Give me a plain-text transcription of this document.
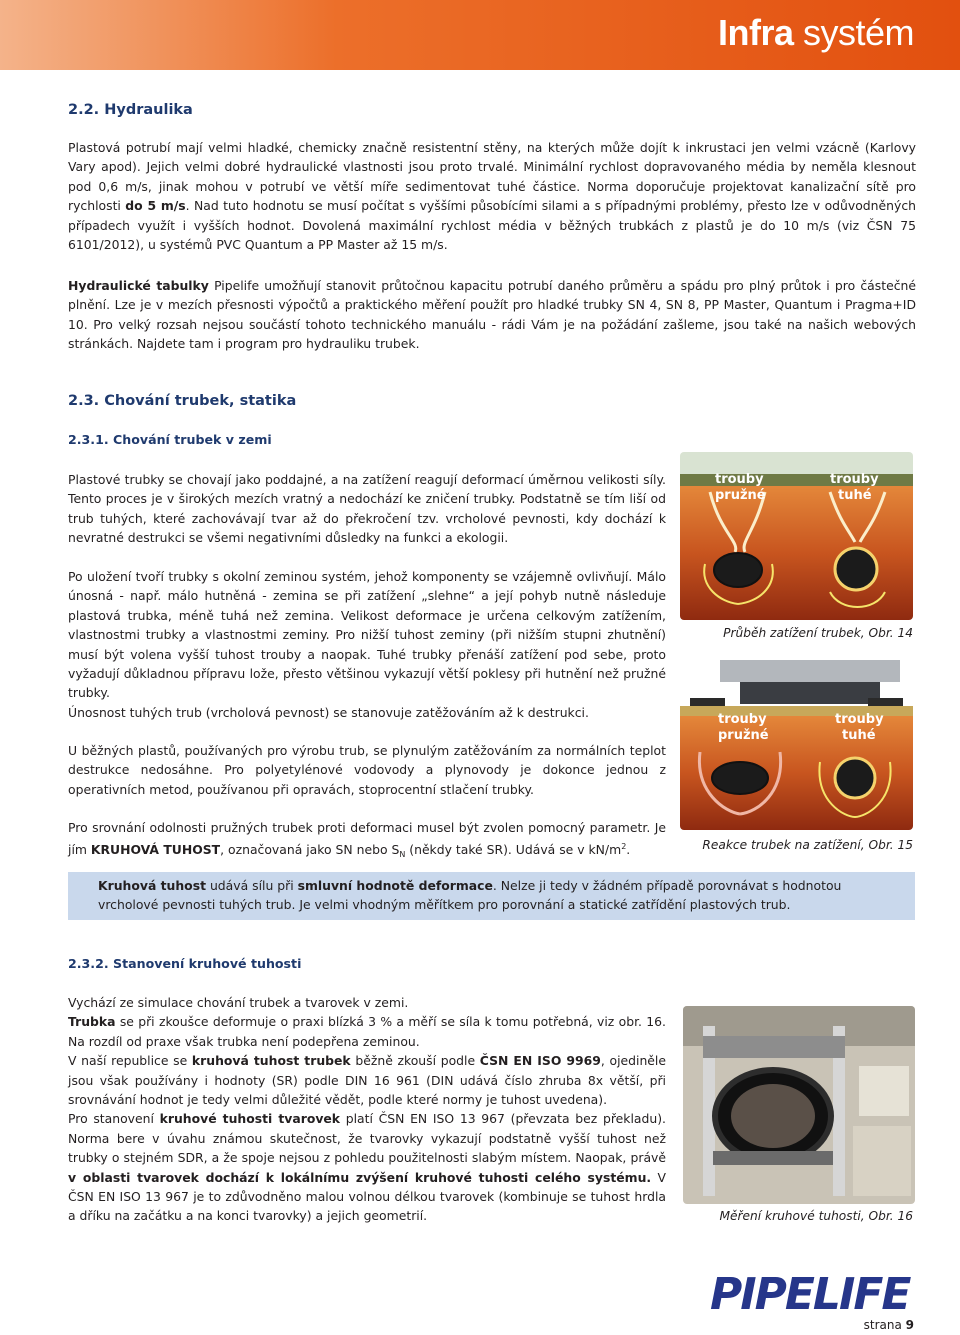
Infra systém
2.2. Hydraulika

Plastová potrubí mají velmi hladké, chemicky značně resistentní stěny, na kterých může dojít k inkrustaci jen velmi vzácně (Karlovy Vary apod). Jejich velmi dobré hydraulické vlastnosti jsou proto trvalé. Minimální rychlost dopravovaného média by neměla klesnout pod 0,6 m/s, jinak mohou v potrubí ve větší míře sedimentovat tuhé částice. Norma doporučuje projektovat kanalizační sítě pro rychlosti do 5 m/s. Nad tuto hodnotu se musí počítat s vyššími působícími silami a s případnými problémy, přesto lze v odůvodněných případech využít i vyšších hodnot. Dovolená maximální rychlost média v běžných trubkách z plastů je do 10 m/s (viz ČSN 75 6101/2012), u systémů PVC Quantum a PP Master až 15 m/s.

Hydraulické tabulky Pipelife umožňují stanovit průtočnou kapacitu potrubí daného průměru a spádu pro plný průtok i pro částečné plnění. Lze je v mezích přesnosti výpočtů a praktického měření použít pro hladké trubky SN 4, SN 8, PP Master, Quantum i Pragma+ID 10. Pro velký rozsah nejsou součástí tohoto technického manuálu - rádi Vám je na požádání zašleme, jsou také na našich webových stránkách. Najdete tam i program pro hydrauliku trubek.

2.3. Chování trubek, statika
2.3.1. Chování trubek v zemi
Plastové trubky se chovají jako poddajné, a na zatížení reagují deformací úměrnou velikosti síly. Tento proces je v širokých mezích vratný a nedochází ke zničení trubky. Podstatně se tím liší od trub tuhých, které zachovávají tvar až do překročení tzv. vrcholové pevnosti, kdy dochází k nevratné destrukci se všemi negativními důsledky na funkci a ekologii.
Po uložení tvoří trubky s okolní zeminou systém, jehož komponenty se vzájemně ovlivňují. Málo únosná - např. málo hutněná - zemina se při zatížení „slehne“ a její pohyb nutně následuje plastová trubka, méně tuhá než zemina. Velikost deformace je určena celkovým zatížením, vlastnostmi trubky a vlastnostmi zeminy. Pro nižší tuhost zeminy (při nižším stupni zhutnění) musí být volena vyšší tuhost trouby a naopak. Tuhé trubky přenáší zatížení pod sebe, proto vyžadují důkladnou přípravu lože, přesto většinou vykazují větší poklesy při hutnění než pružné trubky.
Únosnost tuhých trub (vrcholová pevnost) se stanovuje zatěžováním až k destrukci.
U běžných plastů, používaných pro výrobu trub, se plynulým zatěžováním za normálních teplot destrukce nedosáhne. Pro polyetylénové vodovody a plynovody je dokonce jednou z operativních metod, používanou při opravách, stoprocentní stlačení trubky.

Pro srovnání odolnosti pružných trubek proti deformaci musel být zvolen pomocný parametr. Je jím KRUHOVÁ TUHOST, označovaná jako SN nebo $S_N$ (někdy také SR). Udává se v $kN/m^2$.

Kruhová tuhost udává sílu při smluvní hodnotě deformace. Nelze ji tedy v žádném případě porovnávat s hodnotou vrcholové pevnosti tuhých trub. Je velmi vhodným měřítkem pro porovnání a statické zatřídění plastových trub.

2.3.2. Stanovení kruhové tuhosti

Vychází ze simulace chování trubek a tvarovek v zemi.

Trubka se při zkoušce deformuje o praxi blízká 3 % a měří se síla k tomu potřebná, viz obr. 16. Na rozdíl od praxe však trubka není podepřena zeminou.

V naší republice se kruhová tuhost trubek běžně zkouší podle ČSN EN ISO 9969, ojediněle jsou však používány i hodnoty (SR) podle DIN 16 961 (DIN udává číslo zhruba 8x větší, při srovnávání hodnot je tedy velmi důležité vědět, podle které normy je tuhost uvedena).

Pro stanovení kruhové tuhosti tvarovek platí ČSN EN ISO 13 967 (převzata bez překladu). Norma bere v úvahu známou skutečnost, že tvarovky vykazují podstatně vyšší tuhost než trubky o stejném SDR, a že spoje nejsou z pohledu použitelnosti slabým místem. Naopak, právě v oblasti tvarovek dochází k lokálnímu zvýšení kruhové tuhosti celého systému. V ČSN EN ISO 13 967 je to zdůvodněno malou volnou délkou tvarovek (kombinuje se tuhost hrdla a dříku na začátku a na konci tvarovky) a jejich geometrií.

trouby
pružné
trouby
tuhé
Průběh zatížení trubek, Obr. 14
trouby
pružné
trouby
tuhé
Reakce trubek na zatížení, Obr. 15
Měření kruhové tuhosti, Obr. 16
PIPELIFE
strana 9
